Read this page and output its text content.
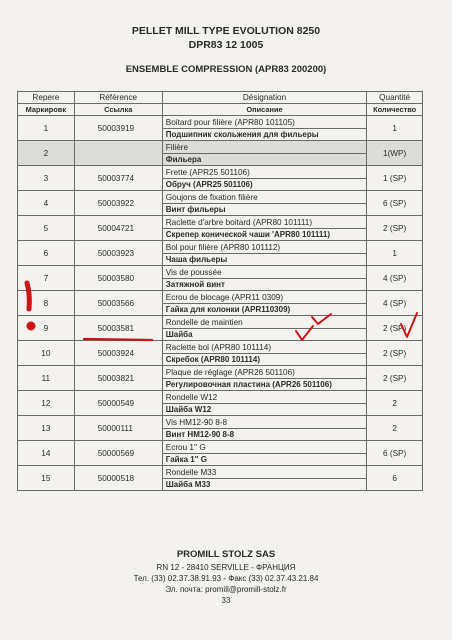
PELLET MILL TYPE EVOLUTION 8250
DPR83 12 1005
ENSEMBLE COMPRESSION (APR83 200200)
Repere	Référence	Désignation	Quantité
Маркировк	Ссылка	Описание	Количество
1	50003919	Boitard pour filière (APR80 101105)	1
		Подшипник скольжения для фильеры	
2		Filière	1(WP)
		Фильера	
3	50003774	Frette (APR25 501106)	1 (SP)
		Обруч (APR25 501106)	
4	50003922	Goujons de fixation filière	6 (SP)
		Винт фильеры	
5	50004721	Raclette d'arbre boitard (APR80 101111)	2 (SP)
		Скрепер конической чаши 'APR80 101111)	
6	50003923	Bol pour filière (APR80 101112)	1
		Чаша фильеры	
7	50003580	Vis de poussée	4 (SP)
		Затяжной винт	
8	50003566	Ecrou de blocage (APR11 0309)	4 (SP)
		Гайка для колонки (APR110309)	
9	50003581	Rondelle de maintien	2 (SP)
		Шайба	
10	50003924	Raclette bol (APR80 101114)	2 (SP)
		Скребок (APR80 101114)	
11	50003821	Plaque de réglage (APR26 501106)	2 (SP)
		Регулировочная пластина (APR26 501106)	
12	50000549	Rondelle W12	2
		Шайба W12	
13	50000111	Vis HM12-90 8-8	2
		Винт HM12-90 8-8	
14	50000569	Ecrou 1'' G	6 (SP)
		Гайка 1'' G	
15	50000518	Rondelle M33	6
		Шайба M33	
PROMILL STOLZ SAS
RN 12 - 28410 SERVILLE - ФРАНЦИЯ
Тел. (33) 02.37.38.91.93 - Факс (33) 02.37.43.21.84
Эл. почта: promill@promill-stolz.fr
33
